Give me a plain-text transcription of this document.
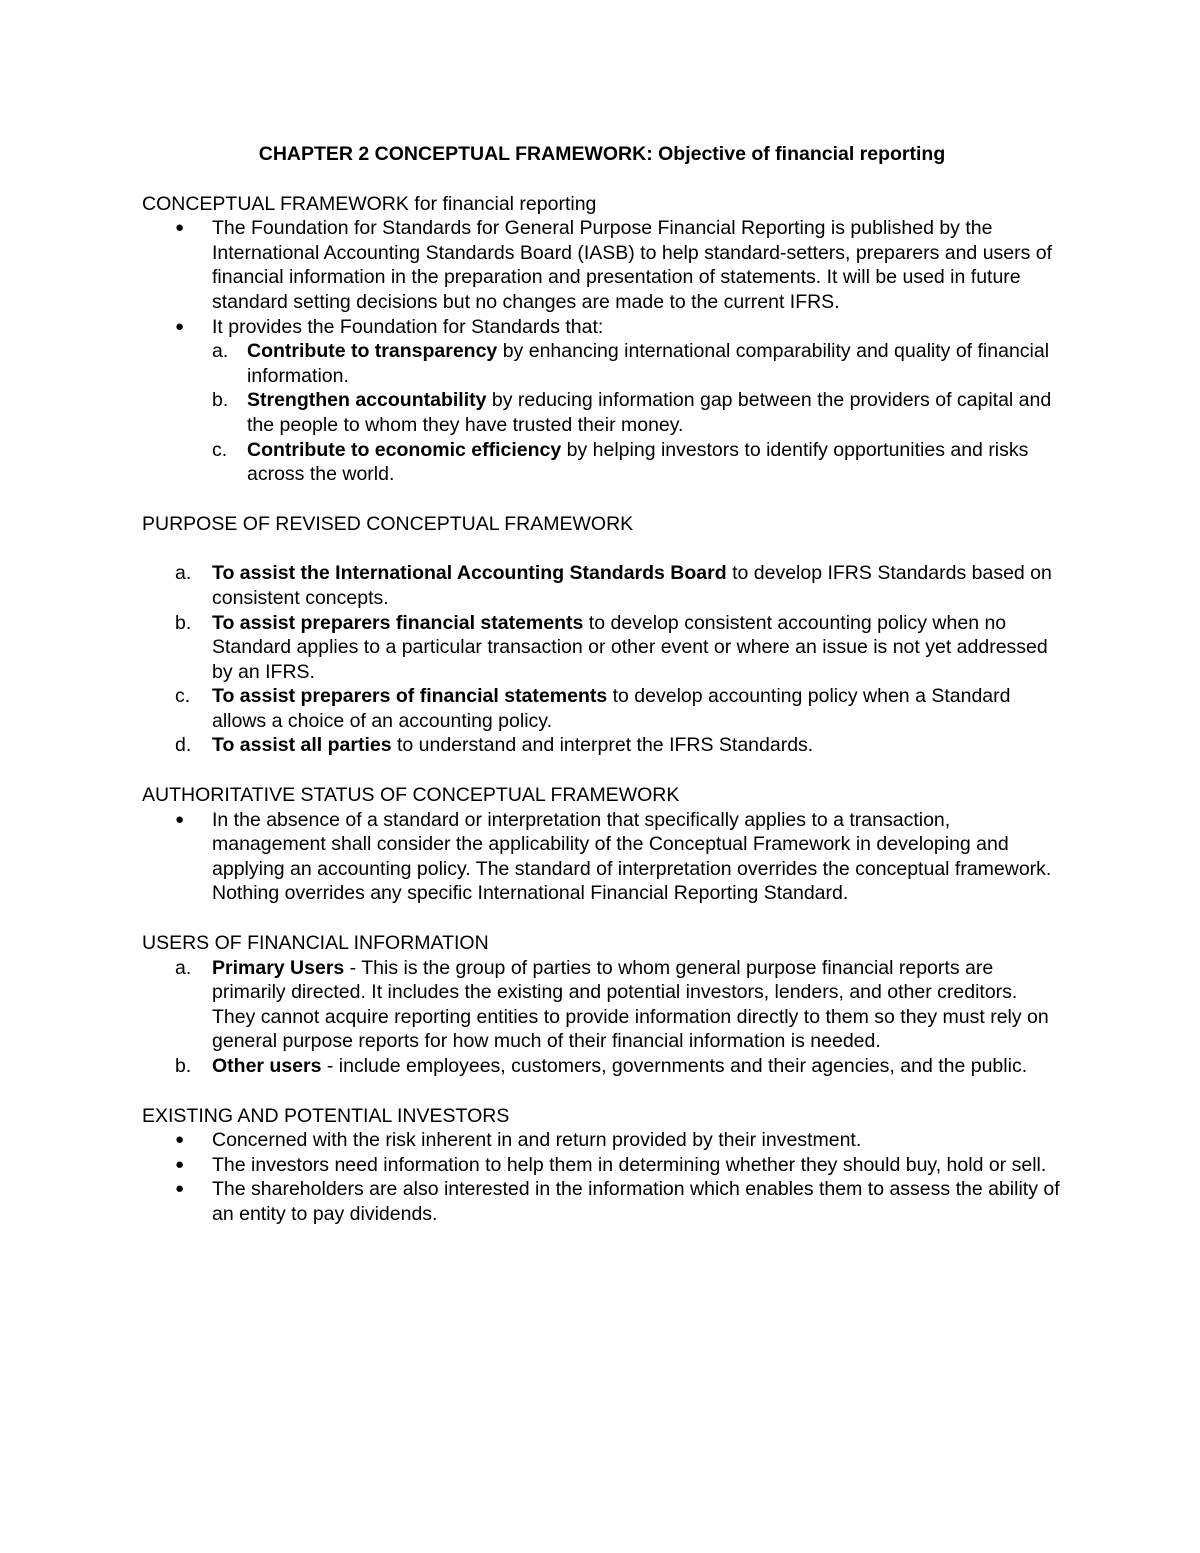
CHAPTER 2 CONCEPTUAL FRAMEWORK: Objective of financial reporting
CONCEPTUAL FRAMEWORK for financial reporting
● The Foundation for Standards for General Purpose Financial Reporting is published by the International Accounting Standards Board (IASB) to help standard-setters, preparers and users of financial information in the preparation and presentation of statements. It will be used in future standard setting decisions but no changes are made to the current IFRS.
● It provides the Foundation for Standards that:
a. Contribute to transparency by enhancing international comparability and quality of financial information.
b. Strengthen accountability by reducing information gap between the providers of capital and the people to whom they have trusted their money.
c. Contribute to economic efficiency by helping investors to identify opportunities and risks across the world.
PURPOSE OF REVISED CONCEPTUAL FRAMEWORK
a. To assist the International Accounting Standards Board to develop IFRS Standards based on consistent concepts.
b. To assist preparers financial statements to develop consistent accounting policy when no Standard applies to a particular transaction or other event or where an issue is not yet addressed by an IFRS.
c. To assist preparers of financial statements to develop accounting policy when a Standard allows a choice of an accounting policy.
d. To assist all parties to understand and interpret the IFRS Standards.
AUTHORITATIVE STATUS OF CONCEPTUAL FRAMEWORK
● In the absence of a standard or interpretation that specifically applies to a transaction, management shall consider the applicability of the Conceptual Framework in developing and applying an accounting policy. The standard of interpretation overrides the conceptual framework. Nothing overrides any specific International Financial Reporting Standard.
USERS OF FINANCIAL INFORMATION
a. Primary Users - This is the group of parties to whom general purpose financial reports are primarily directed. It includes the existing and potential investors, lenders, and other creditors. They cannot acquire reporting entities to provide information directly to them so they must rely on general purpose reports for how much of their financial information is needed.
b. Other users - include employees, customers, governments and their agencies, and the public.
EXISTING AND POTENTIAL INVESTORS
● Concerned with the risk inherent in and return provided by their investment.
● The investors need information to help them in determining whether they should buy, hold or sell.
● The shareholders are also interested in the information which enables them to assess the ability of an entity to pay dividends.
